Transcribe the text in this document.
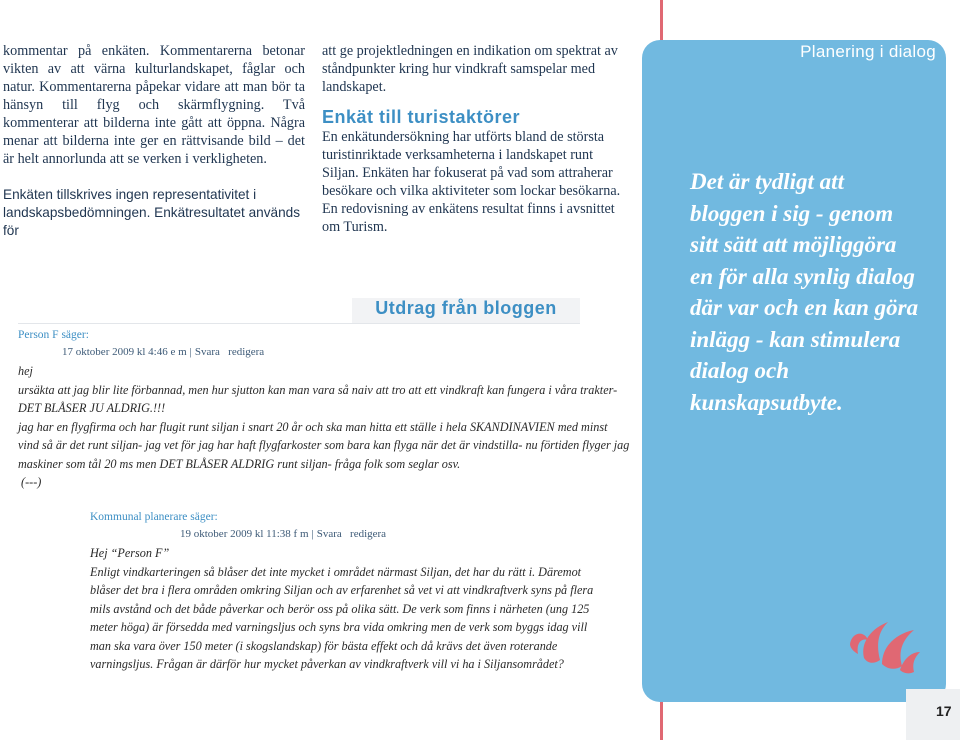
kommentar på enkäten. Kommentarerna betonar vikten av att värna kulturlandskapet, fåglar och natur. Kommentarerna påpekar vidare att man bör ta hänsyn till flyg och skärmflygning. Två kommenterar att bilderna inte gått att öppna. Några menar att bilderna inte ger en rättvisande bild – det är helt annorlunda att se verken i verkligheten.

Enkäten tillskrives ingen representativitet i landskapsbedömningen. Enkätresultatet används för

att ge projektledningen en indikation om spektrat av ståndpunkter kring hur vindkraft samspelar med landskapet.

Enkät till turistaktörer

En enkätundersökning har utförts bland de största turistinriktade verksamheterna i landskapet runt Siljan. Enkäten har fokuserat på vad som attraherar besökare och vilka aktiviteter som lockar besökarna. En redovisning av enkätens resultat finns i avsnittet om Turism.

Planering i dialog
Det är tydligt att bloggen i sig - genom sitt sätt att möjliggöra en för alla synlig dialog där var och en kan göra inlägg - kan stimulera dialog och kunskapsutbyte.
Utdrag från bloggen
Person F säger:
17 oktober 2009 kl 4:46 e m | Svara redigera

hej

ursäkta att jag blir lite förbannad, men hur sjutton kan man vara så naiv att tro att ett vindkraft kan fungera i våra trakter- DET BLÅSER JU ALDRIG.!!!

jag har en flygfirma och har flugit runt siljan i snart 20 år och ska man hitta ett ställe i hela SKANDINAVIEN med minst vind så är det runt siljan- jag vet för jag har haft flygfarkoster som bara kan flyga när det är vindstilla- nu förtiden flyger jag maskiner som tål 20 ms men DET BLÅSER ALDRIG runt siljan- fråga folk som seglar osv.

(---)

Kommunal planerare säger:
19 oktober 2009 kl 11:38 f m | Svara redigera

Hej “Person F”

Enligt vindkarteringen så blåser det inte mycket i området närmast Siljan, det har du rätt i. Däremot blåser det bra i flera områden omkring Siljan och av erfarenhet så vet vi att vindkraftverk syns på flera mils avstånd och det både påverkar och berör oss på olika sätt. De verk som finns i närheten (ung 125 meter höga) är försedda med varningsljus och syns bra vida omkring men de verk som byggs idag vill man ska vara över 150 meter (i skogslandskap) för bästa effekt och då krävs det även roterande varningsljus. Frågan är därför hur mycket påverkan av vindkraftverk vill vi ha i Siljansområdet?

17
